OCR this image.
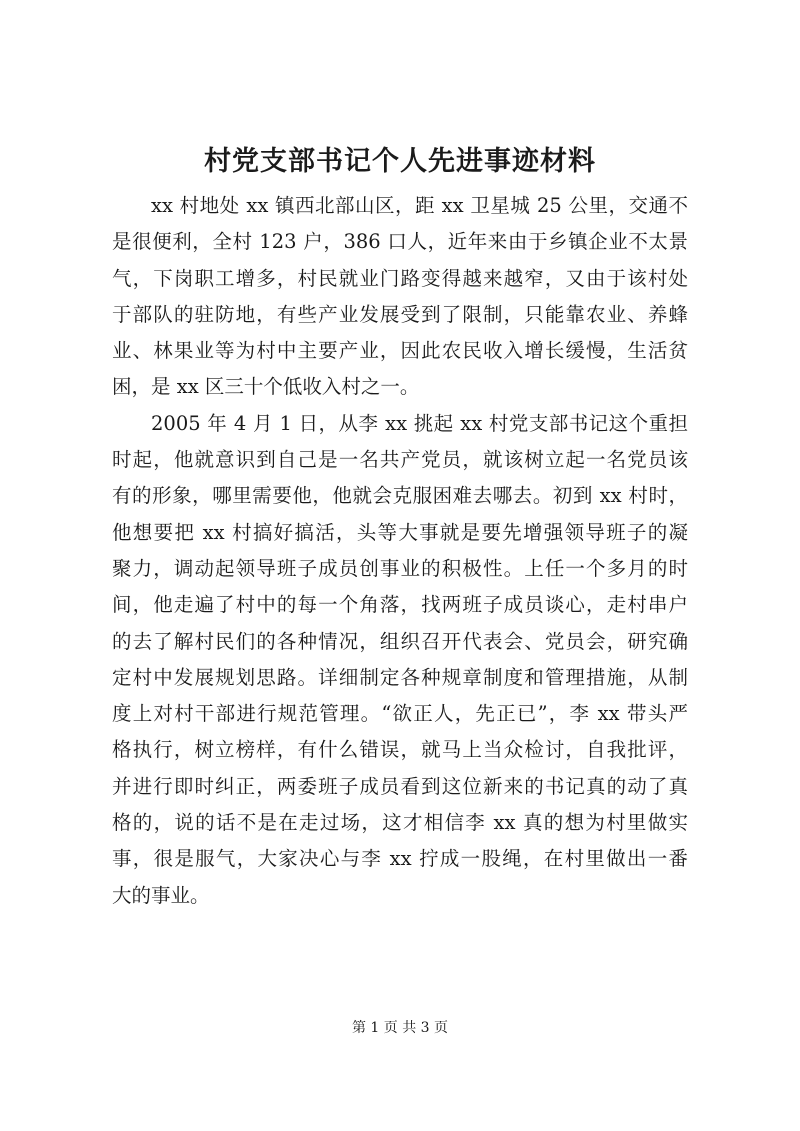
村党支部书记个人先进事迹材料
xx 村地处 xx 镇西北部山区，距 xx 卫星城 25 公里，交通不
是很便利，全村 123 户，386 口人，近年来由于乡镇企业不太景
气，下岗职工增多，村民就业门路变得越来越窄，又由于该村处
于部队的驻防地，有些产业发展受到了限制，只能靠农业、养蜂
业、林果业等为村中主要产业，因此农民收入增长缓慢，生活贫
困，是 xx 区三十个低收入村之一。
2005 年 4 月 1 日，从李 xx 挑起 xx 村党支部书记这个重担
时起，他就意识到自己是一名共产党员，就该树立起一名党员该
有的形象，哪里需要他，他就会克服困难去哪去。初到 xx 村时，
他想要把 xx 村搞好搞活，头等大事就是要先增强领导班子的凝
聚力，调动起领导班子成员创事业的积极性。上任一个多月的时
间，他走遍了村中的每一个角落，找两班子成员谈心，走村串户
的去了解村民们的各种情况，组织召开代表会、党员会，研究确
定村中发展规划思路。详细制定各种规章制度和管理措施，从制
度上对村干部进行规范管理。“欲正人，先正已”，李 xx 带头严
格执行，树立榜样，有什么错误，就马上当众检讨，自我批评，
并进行即时纠正，两委班子成员看到这位新来的书记真的动了真
格的，说的话不是在走过场，这才相信李 xx 真的想为村里做实
事，很是服气，大家决心与李 xx 拧成一股绳，在村里做出一番
大的事业。
第 1 页 共 3 页
